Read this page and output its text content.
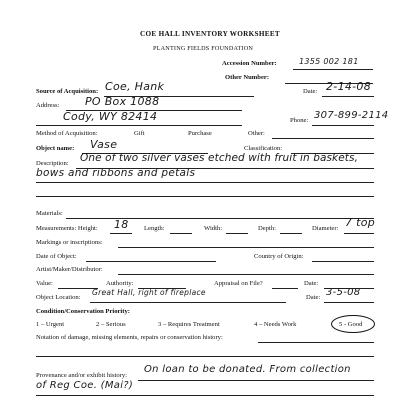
COE HALL INVENTORY WORKSHEET
PLANTING FIELDS FOUNDATION
Accession Number:	1355 002 181
Other Number:
Source of Acquisition: Coe, Hank	Date: 2-14-08
Address: PO Box 1088
Cody, WY 82414	Phone: 307-899-2114
Method of Acquisition:	Gift	Purchase	Other:
Object name: Vase	Classification:
Description: One of two silver vases etched with fruit in baskets,
bows and ribbons and petals
Materials:
Measurements: Height: 18 Length:	Width:	Depth:	Diameter: 7 top
Markings or inscriptions:
Date of Object:	Country of Origin:
Artist/Maker/Distributor:
Value:	Authority:	Appraisal on File?	Date:
Object Location:
Great Hall, right of fireplace
Date: 3-5-08
Condition/Conservation Priority:
1 – Urgent	2 – Serious	3 – Requires Treatment	4 – Needs Work	5 - Good
Notation of damage, missing elements, repairs or conservation history:
Provenance and/or exhibit history:
On loan to be donated. From collection
of Reg Coe. (Mai?)
